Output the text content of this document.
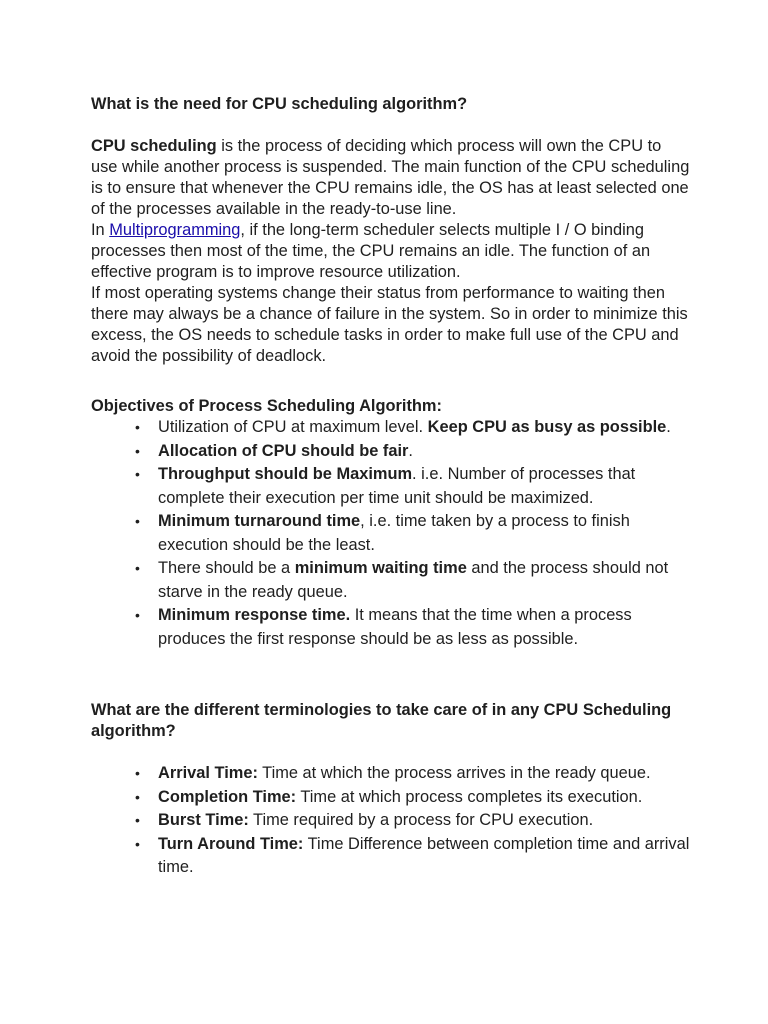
What is the need for CPU scheduling algorithm?

CPU scheduling is the process of deciding which process will own the CPU to use while another process is suspended. The main function of the CPU scheduling is to ensure that whenever the CPU remains idle, the OS has at least selected one of the processes available in the ready-to-use line.

In Multiprogramming, if the long-term scheduler selects multiple I / O binding processes then most of the time, the CPU remains an idle. The function of an effective program is to improve resource utilization.

If most operating systems change their status from performance to waiting then there may always be a chance of failure in the system. So in order to minimize this excess, the OS needs to schedule tasks in order to make full use of the CPU and avoid the possibility of deadlock.

Objectives of Process Scheduling Algorithm:
• Utilization of CPU at maximum level. Keep CPU as busy as possible.
• Allocation of CPU should be fair.
• Throughput should be Maximum. i.e. Number of processes that complete their execution per time unit should be maximized.
• Minimum turnaround time, i.e. time taken by a process to finish execution should be the least.
• There should be a minimum waiting time and the process should not starve in the ready queue.
• Minimum response time. It means that the time when a process produces the first response should be as less as possible.
What are the different terminologies to take care of in any CPU Scheduling algorithm?
• Arrival Time: Time at which the process arrives in the ready queue.
• Completion Time: Time at which process completes its execution.
• Burst Time: Time required by a process for CPU execution.
• Turn Around Time: Time Difference between completion time and arrival time.
